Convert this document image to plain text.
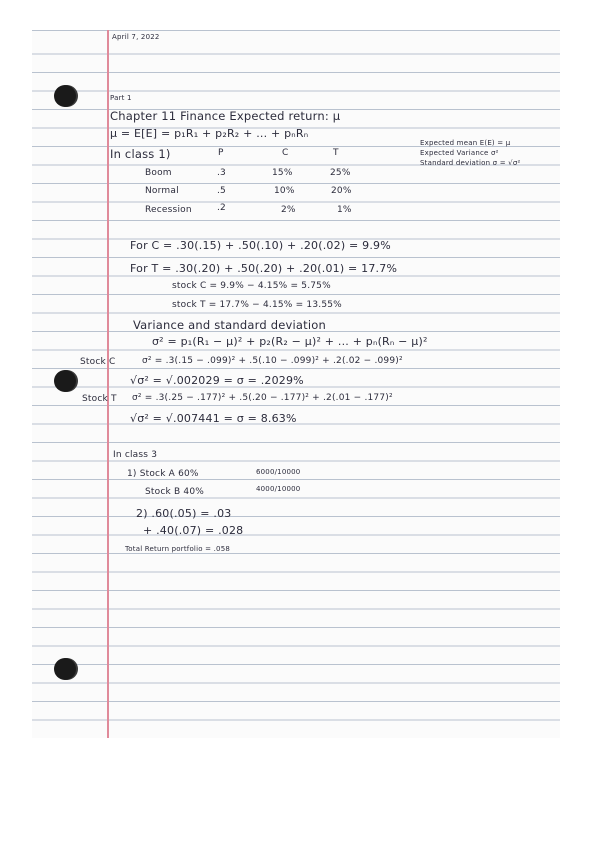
April 7, 2022
Part 1
Chapter 11 Finance Expected return: μ
μ = E[E] = p₁R₁ + p₂R₂ + ... + pₙRₙ
Expected mean E(E) = μ
Expected Variance σ²
Standard deviation σ = √σ²
In class 1)	P	C	T
Boom	.3	15%	25%
Normal	.5	10%	20%
Recession	.2	2%	1%
For C = .30(.15) + .50(.10) + .20(.02) = 9.9%
For T = .30(.20) + .50(.20) + .20(.01) = 17.7%
stock C = 9.9% − 4.15% = 5.75%
stock T = 17.7% − 4.15% = 13.55%
Variance and standard deviation
σ² = p₁(R₁ − μ)² + p₂(R₂ − μ)² + ... + pₙ(Rₙ − μ)²
Stock C	σ² = .3(.15 − .099)² + .5(.10 − .099)² + .2(.02 − .099)²
√σ² = √.002029 = σ = .2029%
Stock T σ² = .3(.25 − .177)² + .5(.20 − .177)² + .2(.01 − .177)²
√σ² = √.007441 = σ = 8.63%
In class 3
1) Stock A 60%	6000/10000
Stock B 40%	4000/10000
2) .60(.05) = .03
+ .40(.07) = .028
Total Return portfolio = .058
